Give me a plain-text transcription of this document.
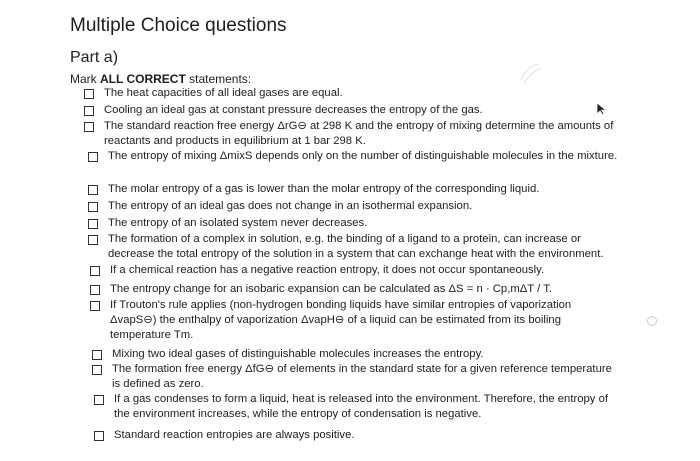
Multiple Choice questions
Part a)
Mark ALL CORRECT statements:
The heat capacities of all ideal gases are equal.
Cooling an ideal gas at constant pressure decreases the entropy of the gas.
The standard reaction free energy ΔrG⊖ at 298 K and the entropy of mixing determine the amounts of reactants and products in equilibrium at 1 bar 298 K.
The entropy of mixing ΔmixS depends only on the number of distinguishable molecules in the mixture.
The molar entropy of a gas is lower than the molar entropy of the corresponding liquid.
The entropy of an ideal gas does not change in an isothermal expansion.
The entropy of an isolated system never decreases.
The formation of a complex in solution, e.g. the binding of a ligand to a protein, can increase or decrease the total entropy of the solution in a system that can exchange heat with the environment.
If a chemical reaction has a negative reaction entropy, it does not occur spontaneously.
The entropy change for an isobaric expansion can be calculated as ΔS = n · Cp,mΔT / T.
If Trouton's rule applies (non-hydrogen bonding liquids have similar entropies of vaporization ΔvapS⊖) the enthalpy of vaporization ΔvapH⊖ of a liquid can be estimated from its boiling temperature Tm.
Mixing two ideal gases of distinguishable molecules increases the entropy.
The formation free energy ΔfG⊖ of elements in the standard state for a given reference temperature is defined as zero.
If a gas condenses to form a liquid, heat is released into the environment. Therefore, the entropy of the environment increases, while the entropy of condensation is negative.
Standard reaction entropies are always positive.
